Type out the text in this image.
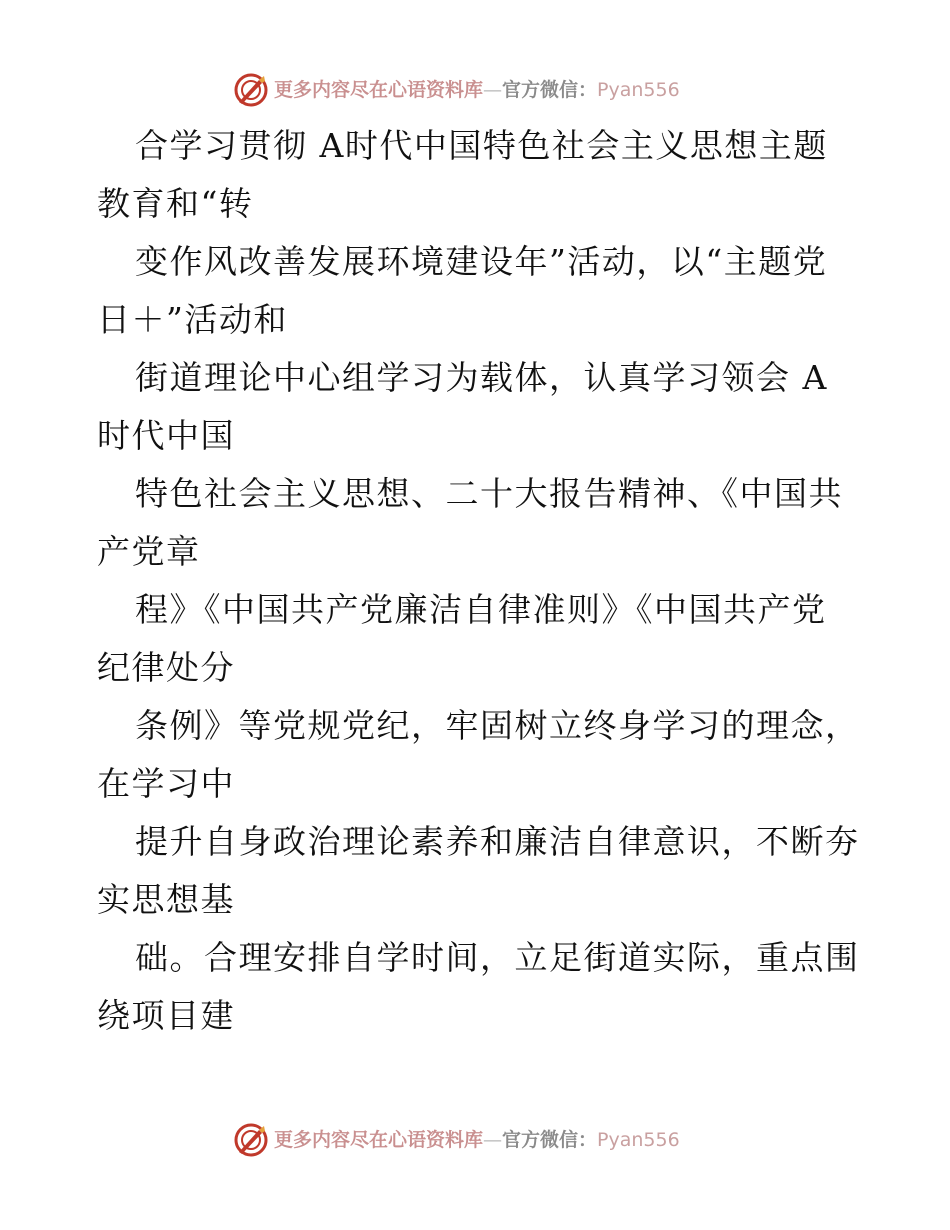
更多内容尽在心语资料库—官方微信：Pyan556
合学习贯彻 A时代中国特色社会主义思想主题
教育和“转
变作风改善发展环境建设年”活动，以“主题党
日＋”活动和
街道理论中心组学习为载体，认真学习领会 A
时代中国
特色社会主义思想、二十大报告精神、《中国共
产党章
程》《中国共产党廉洁自律准则》《中国共产党
纪律处分
条例》等党规党纪，牢固树立终身学习的理念，
在学习中
提升自身政治理论素养和廉洁自律意识，不断夯
实思想基
础。合理安排自学时间，立足街道实际，重点围
绕项目建
更多内容尽在心语资料库—官方微信：Pyan556
